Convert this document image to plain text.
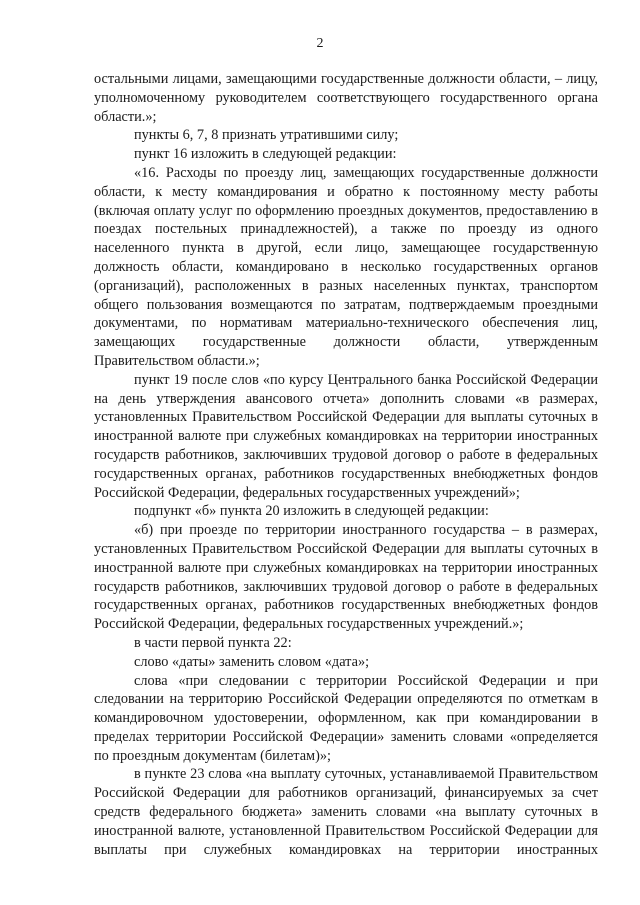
2

остальными лицами, замещающими государственные должности области, – лицу, уполномоченному руководителем соответствующего государственного органа области.»;

пункты 6, 7, 8 признать утратившими силу;

пункт 16 изложить в следующей редакции:

«16. Расходы по проезду лиц, замещающих государственные должности области, к месту командирования и обратно к постоянному месту работы (включая оплату услуг по оформлению проездных документов, предоставлению в поездах постельных принадлежностей), а также по проезду из одного населенного пункта в другой, если лицо, замещающее государственную должность области, командировано в несколько государственных органов (организаций), расположенных в разных населенных пунктах, транспортом общего пользования возмещаются по затратам, подтверждаемым проездными документами, по нормативам материально-технического обеспечения лиц, замещающих государственные должности области, утвержденным Правительством области.»;

пункт 19 после слов «по курсу Центрального банка Российской Федерации на день утверждения авансового отчета» дополнить словами «в размерах, установленных Правительством Российской Федерации для выплаты суточных в иностранной валюте при служебных командировках на территории иностранных государств работников, заключивших трудовой договор о работе в федеральных государственных органах, работников государственных внебюджетных фондов Российской Федерации, федеральных государственных учреждений»;

подпункт «б» пункта 20 изложить в следующей редакции:

«б) при проезде по территории иностранного государства – в размерах, установленных Правительством Российской Федерации для выплаты суточных в иностранной валюте при служебных командировках на территории иностранных государств работников, заключивших трудовой договор о работе в федеральных государственных органах, работников государственных внебюджетных фондов Российской Федерации, федеральных государственных учреждений.»;

в части первой пункта 22:

слово «даты» заменить словом «дата»;

слова «при следовании с территории Российской Федерации и при следовании на территорию Российской Федерации определяются по отметкам в командировочном удостоверении, оформленном, как при командировании в пределах территории Российской Федерации» заменить словами «определяется по проездным документам (билетам)»;

в пункте 23 слова «на выплату суточных, устанавливаемой Правительством Российской Федерации для работников организаций, финансируемых за счет средств федерального бюджета» заменить словами «на выплату суточных в иностранной валюте, установленной Правительством Российской Федерации для выплаты при служебных командировках на территории иностранных
